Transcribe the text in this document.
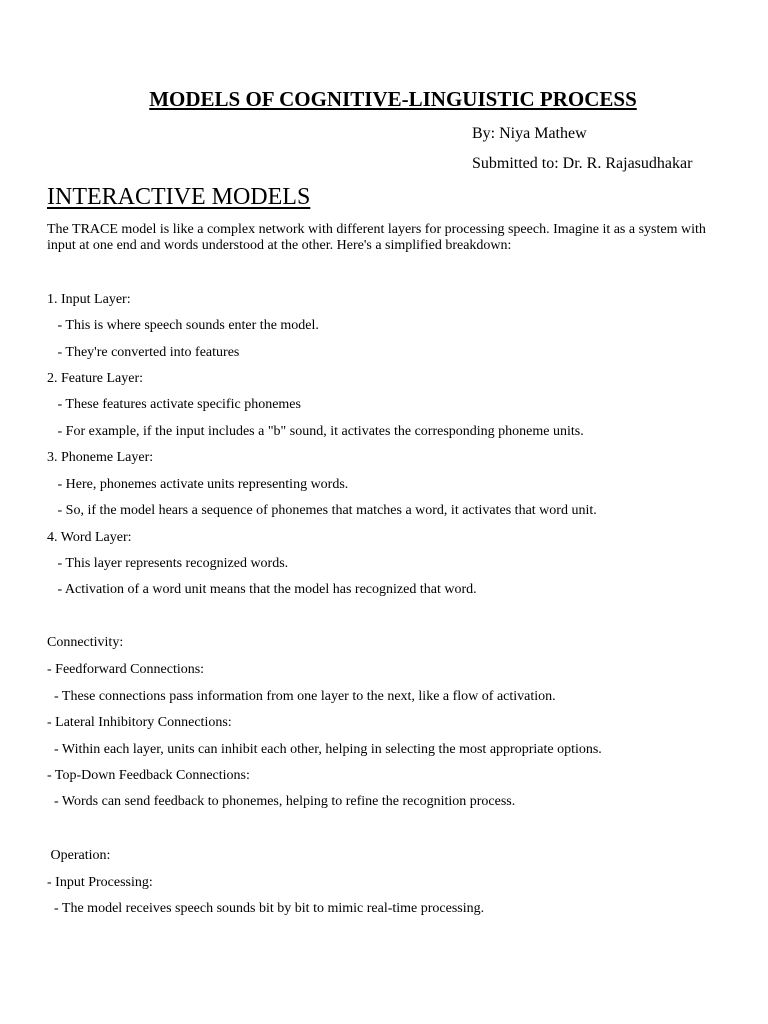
MODELS OF COGNITIVE-LINGUISTIC PROCESS
By: Niya Mathew
Submitted to: Dr. R. Rajasudhakar
INTERACTIVE MODELS
The TRACE model is like a complex network with different layers for processing speech. Imagine it as a system with input at one end and words understood at the other. Here's a simplified breakdown:
1. Input Layer:
- This is where speech sounds enter the model.
- They're converted into features
2. Feature Layer:
- These features activate specific phonemes
- For example, if the input includes a "b" sound, it activates the corresponding phoneme units.
3. Phoneme Layer:
- Here, phonemes activate units representing words.
- So, if the model hears a sequence of phonemes that matches a word, it activates that word unit.
4. Word Layer:
- This layer represents recognized words.
- Activation of a word unit means that the model has recognized that word.
Connectivity:
- Feedforward Connections:
- These connections pass information from one layer to the next, like a flow of activation.
- Lateral Inhibitory Connections:
- Within each layer, units can inhibit each other, helping in selecting the most appropriate options.
- Top-Down Feedback Connections:
- Words can send feedback to phonemes, helping to refine the recognition process.
Operation:
- Input Processing:
- The model receives speech sounds bit by bit to mimic real-time processing.
